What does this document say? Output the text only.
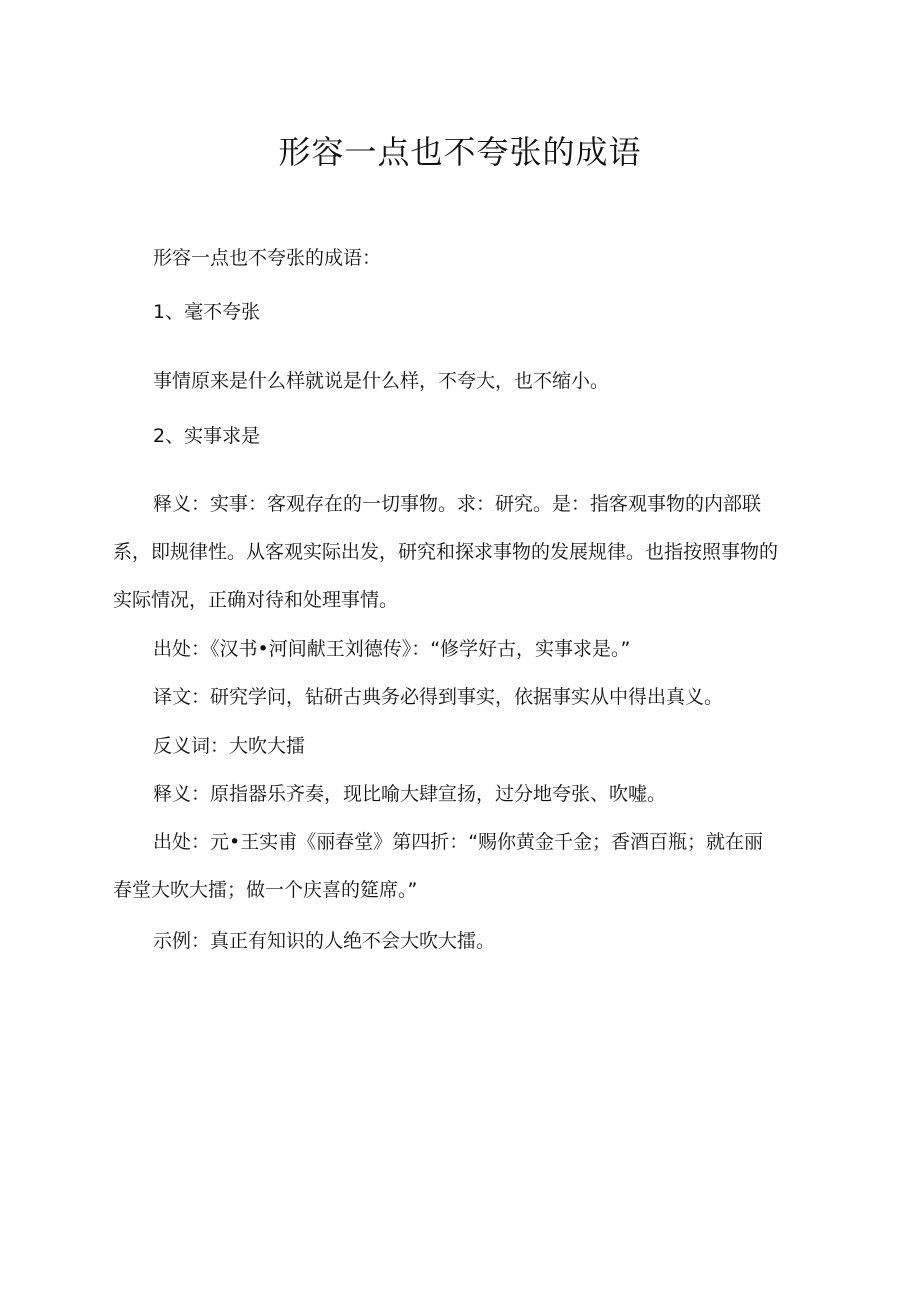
形容一点也不夸张的成语

形容一点也不夸张的成语：

1、毫不夸张

事情原来是什么样就说是什么样，不夸大，也不缩小。

2、实事求是

释义：实事：客观存在的一切事物。求：研究。是：指客观事物的内部联
系，即规律性。从客观实际出发，研究和探求事物的发展规律。也指按照事物的
实际情况，正确对待和处理事情。

出处：《汉书•河间献王刘德传》：“修学好古，实事求是。”

译文：研究学问，钻研古典务必得到事实，依据事实从中得出真义。

反义词：大吹大擂

释义：原指器乐齐奏，现比喻大肆宣扬，过分地夸张、吹嘘。

出处：元•王实甫《丽春堂》第四折：“赐你黄金千金；香酒百瓶；就在丽
春堂大吹大擂；做一个庆喜的筵席。”

示例：真正有知识的人绝不会大吹大擂。
